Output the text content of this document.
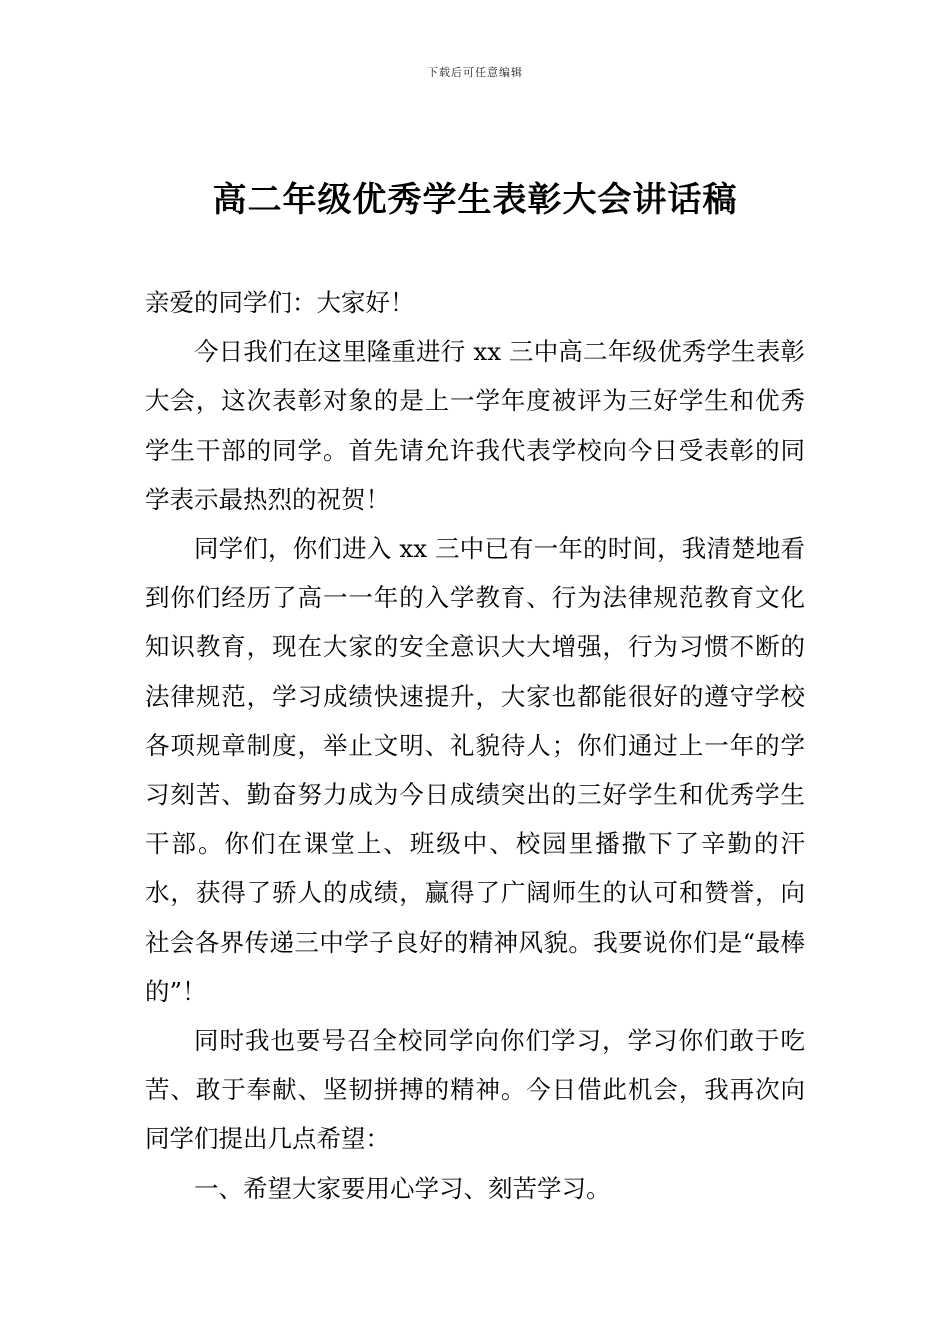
下载后可任意编辑
高二年级优秀学生表彰大会讲话稿

亲爱的同学们：大家好！

今日我们在这里隆重进行 xx 三中高二年级优秀学生表彰大会，这次表彰对象的是上一学年度被评为三好学生和优秀学生干部的同学。首先请允许我代表学校向今日受表彰的同学表示最热烈的祝贺！

同学们，你们进入 xx 三中已有一年的时间，我清楚地看到你们经历了高一一年的入学教育、行为法律规范教育文化知识教育，现在大家的安全意识大大增强，行为习惯不断的法律规范，学习成绩快速提升，大家也都能很好的遵守学校各项规章制度，举止文明、礼貌待人；你们通过上一年的学习刻苦、勤奋努力成为今日成绩突出的三好学生和优秀学生干部。你们在课堂上、班级中、校园里播撒下了辛勤的汗水，获得了骄人的成绩，赢得了广阔师生的认可和赞誉，向社会各界传递三中学子良好的精神风貌。我要说你们是“最棒的”！

同时我也要号召全校同学向你们学习，学习你们敢于吃苦、敢于奉献、坚韧拼搏的精神。今日借此机会，我再次向同学们提出几点希望：

一、希望大家要用心学习、刻苦学习。
